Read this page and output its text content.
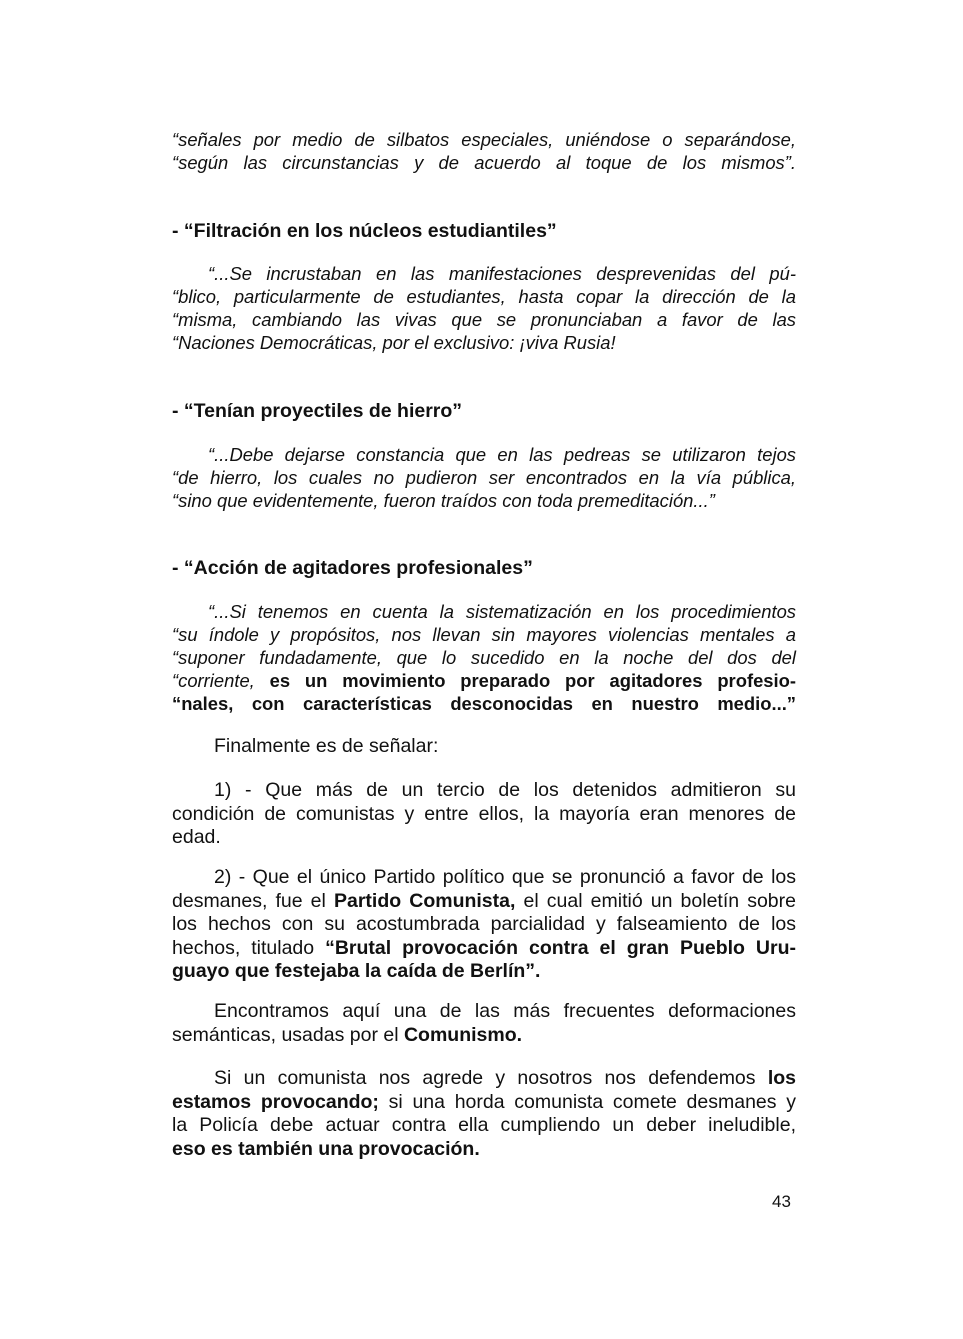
“señales por medio de silbatos especiales, uniéndose o separándose,
“según las circunstancias y de acuerdo al toque de los mismos”.

- “Filtración en los núcleos estudiantiles”

“...Se incrustaban en las manifestaciones desprevenidas del pú-
“blico, particularmente de estudiantes, hasta copar la dirección de la
“misma, cambiando las vivas que se pronunciaban a favor de las
“Naciones Democráticas, por el exclusivo: ¡viva Rusia!

- “Tenían proyectiles de hierro”

“...Debe dejarse constancia que en las pedreas se utilizaron tejos
“de hierro, los cuales no pudieron ser encontrados en la vía pública,
“sino que evidentemente, fueron traídos con toda premeditación...”

- “Acción de agitadores profesionales”

“...Si tenemos en cuenta la sistematización en los procedimientos
“su índole y propósitos, nos llevan sin mayores violencias mentales a
“suponer fundadamente, que lo sucedido en la noche del dos del
“corriente, es un movimiento preparado por agitadores profesio-
“nales, con características desconocidas en nuestro medio...”

Finalmente es de señalar:

1) - Que más de un tercio de los detenidos admitieron su
condición de comunistas y entre ellos, la mayoría eran menores de
edad.

2) - Que el único Partido político que se pronunció a favor de los
desmanes, fue el Partido Comunista, el cual emitió un boletín sobre
los hechos con su acostumbrada parcialidad y falseamiento de los
hechos, titulado “Brutal provocación contra el gran Pueblo Uru-
guayo que festejaba la caída de Berlín”.

Encontramos aquí una de las más frecuentes deformaciones
semánticas, usadas por el Comunismo.

Si un comunista nos agrede y nosotros nos defendemos los
estamos provocando; si una horda comunista comete desmanes y
la Policía debe actuar contra ella cumpliendo un deber ineludible,
eso es también una provocación.

43
